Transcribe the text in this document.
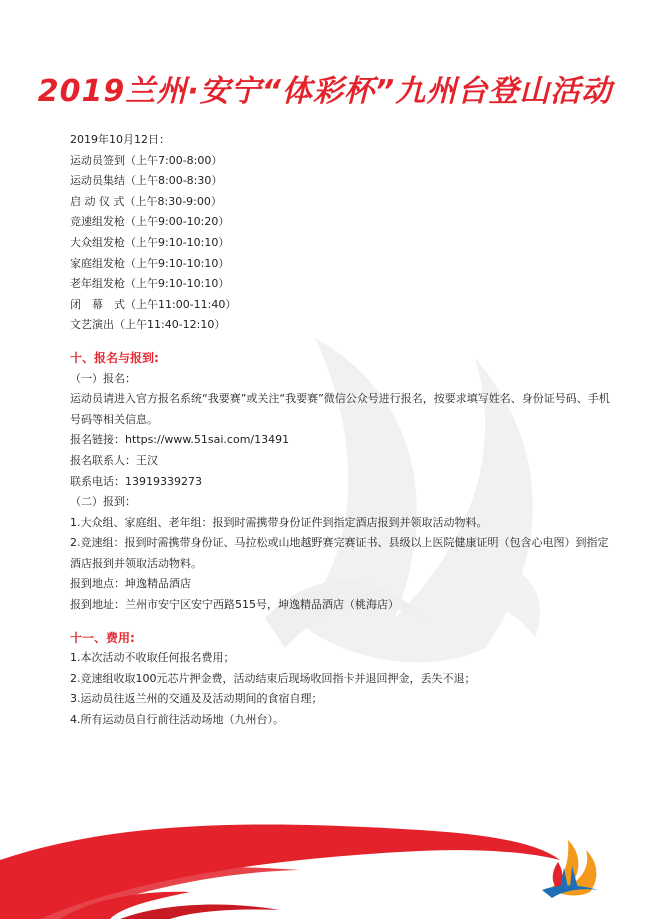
2019兰州·安宁“体彩杯”九州台登山活动
2019年10月12日：
运动员签到（上午7:00-8:00）
运动员集结（上午8:00-8:30）
启 动 仪 式（上午8:30-9:00）
竞速组发枪（上午9:00-10:20）
大众组发枪（上午9:10-10:10）
家庭组发枪（上午9:10-10:10）
老年组发枪（上午9:10-10:10）
闭　幕　式（上午11:00-11:40）
文艺演出（上午11:40-12:10）
十、报名与报到:
（一）报名：
运动员请进入官方报名系统“我要赛”或关注“我要赛”微信公众号进行报名，按要求填写姓名、身份证号码、手机号码等相关信息。
报名链接：https://www.51sai.com/13491
报名联系人：王汉
联系电话：13919339273
（二）报到：
1.大众组、家庭组、老年组：报到时需携带身份证件到指定酒店报到并领取活动物料。
2.竞速组：报到时需携带身份证、马拉松或山地越野赛完赛证书、县级以上医院健康证明（包含心电图）到指定酒店报到并领取活动物料。
报到地点：坤逸精品酒店
报到地址：兰州市安宁区安宁西路515号，坤逸精品酒店（桃海店）
十一、费用:
1.本次活动不收取任何报名费用；
2.竞速组收取100元芯片押金费，活动结束后现场收回指卡并退回押金，丢失不退；
3.运动员往返兰州的交通及及活动期间的食宿自理；
4.所有运动员自行前往活动场地（九州台）。
